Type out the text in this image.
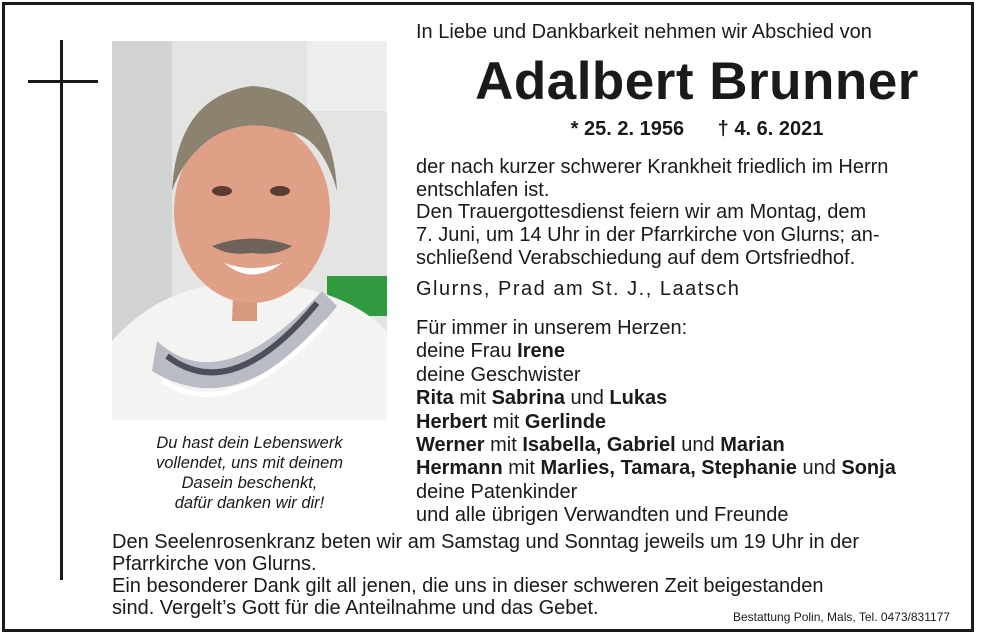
Du hast dein Lebenswerk
vollendet, uns mit deinem
Dasein beschenkt,
dafür danken wir dir!
In Liebe und Dankbarkeit nehmen wir Abschied von
Adalbert Brunner
* 25. 2. 1956 † 4. 6. 2021
der nach kurzer schwerer Krankheit friedlich im Herrn
entschlafen ist.
Den Trauergottesdienst feiern wir am Montag, dem
7. Juni, um 14 Uhr in der Pfarrkirche von Glurns; an-
schließend Verabschiedung auf dem Ortsfriedhof.
Glurns, Prad am St. J., Laatsch
Für immer in unserem Herzen:
deine Frau Irene
deine Geschwister
Rita mit Sabrina und Lukas
Herbert mit Gerlinde
Werner mit Isabella, Gabriel und Marian
Hermann mit Marlies, Tamara, Stephanie und Sonja
deine Patenkinder
und alle übrigen Verwandten und Freunde
Den Seelenrosenkranz beten wir am Samstag und Sonntag jeweils um 19 Uhr in der
Pfarrkirche von Glurns.
Ein besonderer Dank gilt all jenen, die uns in dieser schweren Zeit beigestanden
sind. Vergelt’s Gott für die Anteilnahme und das Gebet.	Bestattung Polin, Mals, Tel. 0473/831177
